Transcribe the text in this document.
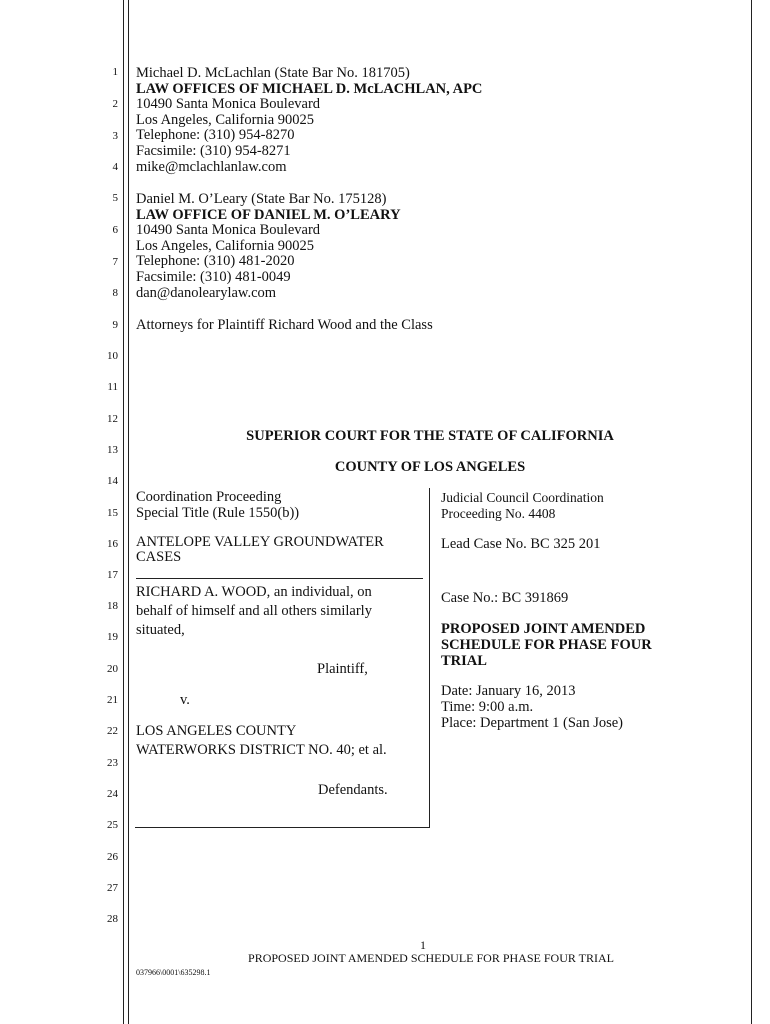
1
2
3
4
5
6
7
8
9
10
11
12
13
14
15
16
17
18
19
20
21
22
23
24
25
26
27
28
Michael D. McLachlan (State Bar No. 181705)
LAW OFFICES OF MICHAEL D. McLACHLAN, APC
10490 Santa Monica Boulevard
Los Angeles, California 90025
Telephone: (310) 954-8270
Facsimile: (310) 954-8271
mike@mclachlanlaw.com
Daniel M. O’Leary (State Bar No. 175128)
LAW OFFICE OF DANIEL M. O’LEARY
10490 Santa Monica Boulevard
Los Angeles, California 90025
Telephone: (310) 481-2020
Facsimile: (310) 481-0049
dan@danolearylaw.com
Attorneys for Plaintiff Richard Wood and the Class
SUPERIOR COURT FOR THE STATE OF CALIFORNIA
COUNTY OF LOS ANGELES
Coordination Proceeding
Special Title (Rule 1550(b))
ANTELOPE VALLEY GROUNDWATER
CASES
RICHARD A. WOOD, an individual, on
behalf of himself and all others similarly
situated,
Plaintiff,
v.
LOS ANGELES COUNTY
WATERWORKS DISTRICT NO. 40; et al.
Defendants.
Judicial Council Coordination
Proceeding No. 4408
Lead Case No. BC 325 201
Case No.: BC 391869
PROPOSED JOINT AMENDED
SCHEDULE FOR PHASE FOUR
TRIAL
Date: January 16, 2013
Time: 9:00 a.m.
Place: Department 1 (San Jose)
1
PROPOSED JOINT AMENDED SCHEDULE FOR PHASE FOUR TRIAL
037966\0001\635298.1
